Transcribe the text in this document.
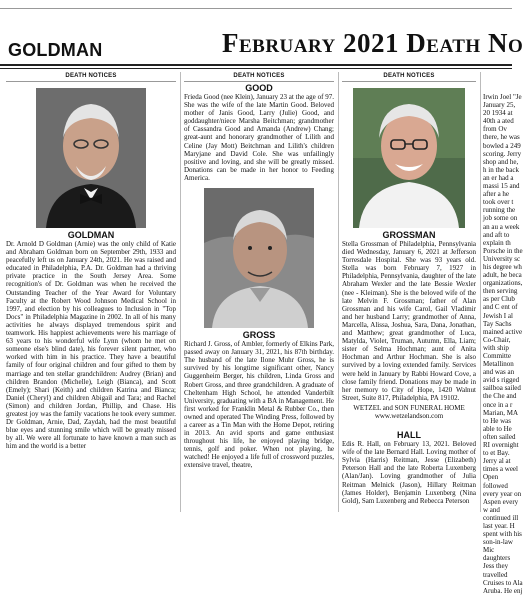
GOLDMAN	February 2021 Death No
DEATH NOTICES
GOLDMAN
Dr. Arnold D Goldman (Arnie) was the only child of Katie and Abraham Goldman born on September 29th, 1933 and peacefully left us on January 24th, 2021. He was raised and educated in Philadelphia, P.A. Dr. Goldman had a thriving private practice in the South Jersey Area. Some recognition's of Dr. Goldman was when he received the Outstanding Teacher of the Year Award for Voluntary Faculty at the Robert Wood Johnson Medical School in 1997, and election by his colleagues to Inclusion in "Top Docs" in Philadelphia Magazine in 2002. In all of his many activities he always displayed tremendous spirit and teamwork. His happiest achievements were his marriage of 63 years to his wonderful wife Lynn (whom he met on someone else's blind date), his forever silent partner, who worked with him in his practice. They have a beautiful family of four original children and four gifted to them by marriage and ten stellar grandchildren: Audrey (Brian) and children Brandon (Michelle), Leigh (Bianca), and Scott (Emely); Shari (Keith) and children Katrina and Bianca; Daniel (Cheryl) and children Abigail and Tara; and Rachel (Simon) and children Jordan, Phillip, and Chase. His greatest joy was the family vacations he took every summer. Dr Goldman, Arnie, Dad, Zaydah, had the most beautiful blue eyes and stunning smile which will be greatly missed by all. We were all fortunate to have known a man such as him and the world is a better
DEATH NOTICES
GOOD
Frieda Good (nee Klein), January 23 at the age of 97. She was the wife of the late Martin Good. Beloved mother of Janis Good, Larry (Julie) Good, and goddaughter/niece Marsha Beitchman; grandmother of Cassandra Good and Amanda (Andrew) Chang; great-aunt and honorary grandmother of Lilith and Celine (Jay Mott) Beitchman and Lilith's children Maryjane and David Cole. She was unfailingly positive and loving, and she will be greatly missed. Donations can be made in her honor to Feeding America.
GROSS
Richard J. Gross, of Ambler, formerly of Elkins Park, passed away on January 31, 2021, his 87th birthday. The husband of the late Ilone Muhr Gross, he is survived by his longtime significant other, Nancy Guggenheim Berger, his children, Linda Gross and Robert Gross, and three grandchildren. A graduate of Cheltenham High School, he attended Vanderbilt University, graduating with a BA in Management. He first worked for Franklin Metal & Rubber Co., then owned and operated The Winding Press, followed by a career as a Tin Man with the Home Depot, retiring in 2013. An avid sports and game enthusiast throughout his life, he enjoyed playing bridge, tennis, golf and poker. When not playing, he watched! He enjoyed a life full of crossword puzzles, extensive travel, theatre,
DEATH NOTICES
GROSSMAN
Stella Grossman of Philadelphia, Pennsylvania died Wednesday, January 6, 2021 at Jefferson Torresdale Hospital. She was 93 years old. Stella was born February 7, 1927 in Philadelphia, Pennsylvania, daughter of the late Abraham Wexler and the late Bessie Wexler (nee - Kleiman). She is the beloved wife of the late Melvin F. Grossman; father of Alan Grossman and his wife Carol, Gail Vladimir and her husband Larry; grandmother of Anna, Marcella, Alissa, Joshua, Sara, Dana, Jonathan, and Matthew; great grandmother of Luca, Matylda, Violet, Truman, Autumn, Ella, Liam; sister of Selma Hochman; aunt of Anita Hochman and Arthur Hochman. She is also survived by a loving extended family. Services were held in January by Rabbi Howard Cove, a close family friend. Donations may be made in her memory to City of Hope, 1420 Walnut Street, Suite 817, Philadelphia, PA 19102.
WETZEL and SON FUNERAL HOME
www.wetzelandson.com
HALL
Edis R. Hall, on February 13, 2021. Beloved wife of the late Bernard Hall. Loving mother of Sylvia (Harris) Reitman, Jesse (Elizabeth) Peterson Hall and the late Roberta Luxenberg (Alan/Jan). Loving grandmother of Julia Reitman Melnick (Jason), Hillary Reitman (James Holder), Benjamin Luxenberg (Nina Gold), Sam Luxenberg and Rebecca Peterson
Irwin Joel "Je January 25, 20 1934 at 40th a ated from Ov there, he was bowled a 249 scoring. Jerry shop and he, h in the back an er had a massi 15 and after a he took over t running the job some on an au a week and aft to explain th Porsche in the University sc his degree wh adult, he beca organizations, then serving as per Club and C ent of Jewish I al Tay Sachs mained active Co-Chair, with ship Committe Metallinon and was an avid s rigged sailboa sailed the Che and once in a r Marian, MA to He was able to He often sailed RI overnight to et Bay. Jerry al at times a weel Open followed every year on Aspen every w and continued ill last year. H spent with his son-in-law Mic daughters Jess they travelled Cruises to Ala Aruba. He enj
